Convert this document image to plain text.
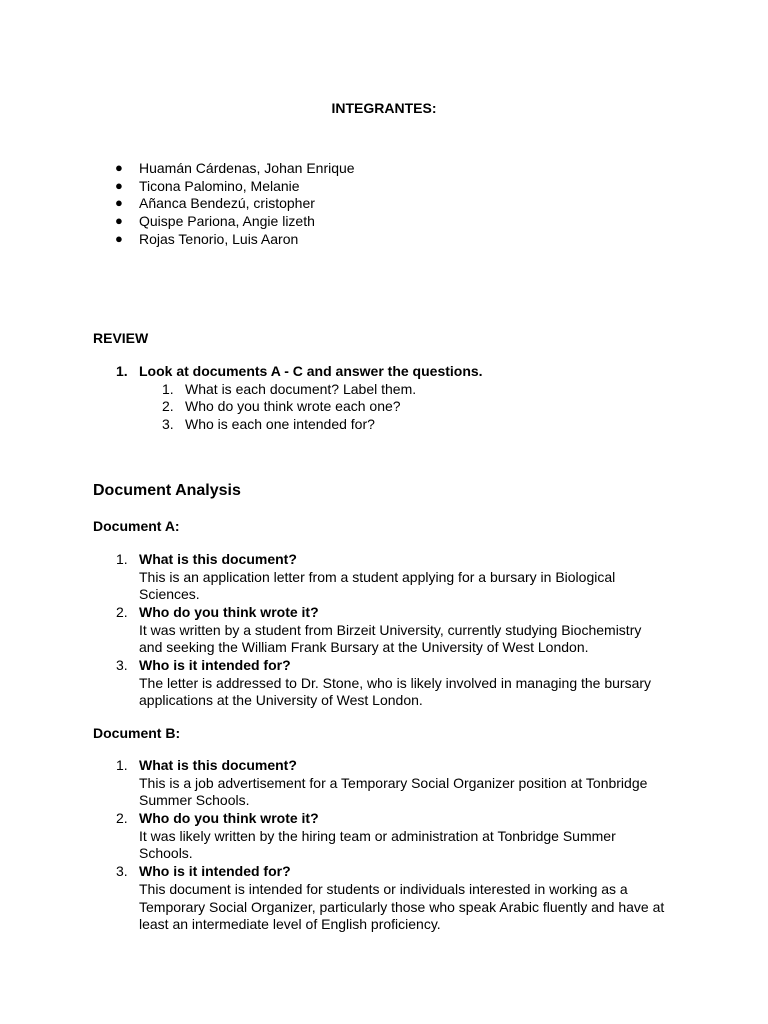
INTEGRANTES:
● Huamán Cárdenas, Johan Enrique
● Ticona Palomino, Melanie
● Añanca Bendezú, cristopher
● Quispe Pariona, Angie lizeth
● Rojas Tenorio, Luis Aaron
REVIEW
1. Look at documents A - C and answer the questions.
1. What is each document? Label them.
2. Who do you think wrote each one?
3. Who is each one intended for?
Document Analysis
Document A:
1. What is this document?
This is an application letter from a student applying for a bursary in Biological
Sciences.
2. Who do you think wrote it?
It was written by a student from Birzeit University, currently studying Biochemistry
and seeking the William Frank Bursary at the University of West London.
3. Who is it intended for?
The letter is addressed to Dr. Stone, who is likely involved in managing the bursary
applications at the University of West London.
Document B:
1. What is this document?
This is a job advertisement for a Temporary Social Organizer position at Tonbridge
Summer Schools.
2. Who do you think wrote it?
It was likely written by the hiring team or administration at Tonbridge Summer
Schools.
3. Who is it intended for?
This document is intended for students or individuals interested in working as a
Temporary Social Organizer, particularly those who speak Arabic fluently and have at
least an intermediate level of English proficiency.
